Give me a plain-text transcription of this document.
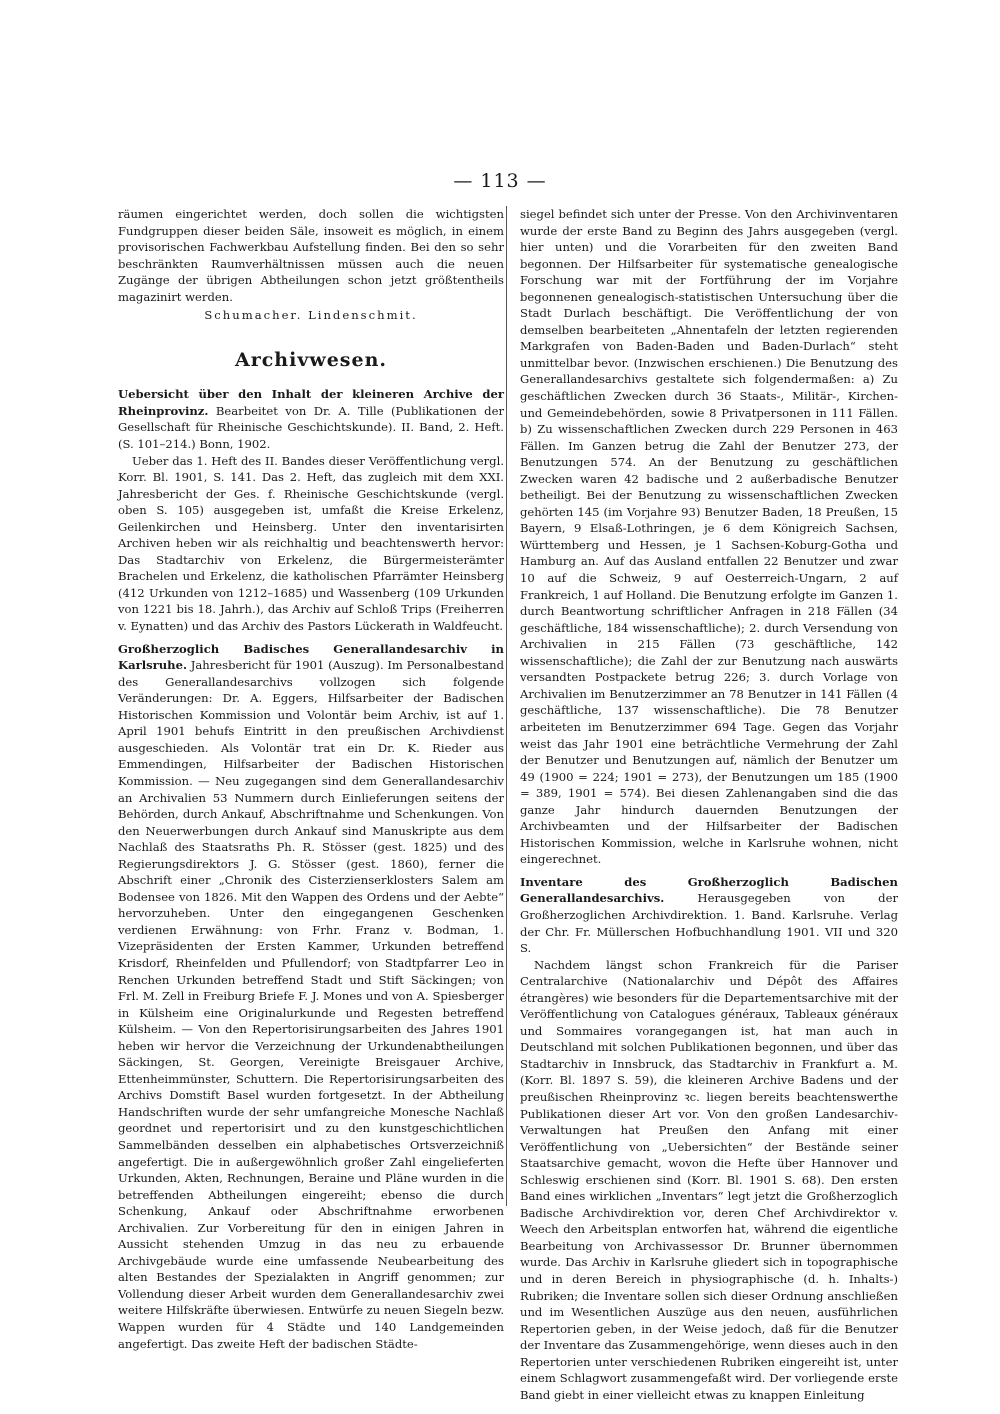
— 113 —

räumen eingerichtet werden, doch sollen die wichtigsten Fundgruppen dieser beiden Säle, insoweit es möglich, in einem provisorischen Fachwerkbau Aufstellung finden. Bei den so sehr beschränkten Raumverhältnissen müssen auch die neuen Zugänge der übrigen Abtheilungen schon jetzt größtentheils magazinirt werden.

Schumacher. Lindenschmit.

Archivwesen.

Uebersicht über den Inhalt der kleineren Archive der Rheinprovinz. Bearbeitet von Dr. A. Tille (Publikationen der Gesellschaft für Rheinische Geschichtskunde). II. Band, 2. Heft. (S. 101–214.) Bonn, 1902.

Ueber das 1. Heft des II. Bandes dieser Veröffentlichung vergl. Korr. Bl. 1901, S. 141. Das 2. Heft, das zugleich mit dem XXI. Jahresbericht der Ges. f. Rheinische Geschichtskunde (vergl. oben S. 105) ausgegeben ist, umfaßt die Kreise Erkelenz, Geilenkirchen und Heinsberg. Unter den inventarisirten Archiven heben wir als reichhaltig und beachtenswerth hervor: Das Stadtarchiv von Erkelenz, die Bürgermeisterämter Brachelen und Erkelenz, die katholischen Pfarrämter Heinsberg (412 Urkunden von 1212–1685) und Wassenberg (109 Urkunden von 1221 bis 18. Jahrh.), das Archiv auf Schloß Trips (Freiherren v. Eynatten) und das Archiv des Pastors Lückerath in Waldfeucht.

Großherzoglich Badisches Generallandesarchiv in Karlsruhe. Jahresbericht für 1901 (Auszug). Im Personalbestand des Generallandesarchivs vollzogen sich folgende Veränderungen: Dr. A. Eggers, Hilfsarbeiter der Badischen Historischen Kommission und Volontär beim Archiv, ist auf 1. April 1901 behufs Eintritt in den preußischen Archivdienst ausgeschieden. Als Volontär trat ein Dr. K. Rieder aus Emmendingen, Hilfsarbeiter der Badischen Historischen Kommission. — Neu zugegangen sind dem Generallandesarchiv an Archivalien 53 Nummern durch Einlieferungen seitens der Behörden, durch Ankauf, Abschriftnahme und Schenkungen. Von den Neuerwerbungen durch Ankauf sind Manuskripte aus dem Nachlaß des Staatsraths Ph. R. Stösser (gest. 1825) und des Regierungsdirektors J. G. Stösser (gest. 1860), ferner die Abschrift einer „Chronik des Cisterzienserklosters Salem am Bodensee von 1826. Mit den Wappen des Ordens und der Aebte“ hervorzuheben. Unter den eingegangenen Geschenken verdienen Erwähnung: von Frhr. Franz v. Bodman, 1. Vizepräsidenten der Ersten Kammer, Urkunden betreffend Krisdorf, Rheinfelden und Pfullendorf; von Stadtpfarrer Leo in Renchen Urkunden betreffend Stadt und Stift Säckingen; von Frl. M. Zell in Freiburg Briefe F. J. Mones und von A. Spiesberger in Külsheim eine Originalurkunde und Regesten betreffend Külsheim. — Von den Repertorisirungsarbeiten des Jahres 1901 heben wir hervor die Verzeichnung der Urkundenabtheilungen Säckingen, St. Georgen, Vereinigte Breisgauer Archive, Ettenheimmünster, Schuttern. Die Repertorisirungsarbeiten des Archivs Domstift Basel wurden fortgesetzt. In der Abtheilung Handschriften wurde der sehr umfangreiche Monesche Nachlaß geordnet und repertorisirt und zu den kunstgeschichtlichen Sammelbänden desselben ein alphabetisches Ortsverzeichniß angefertigt. Die in außergewöhnlich großer Zahl eingelieferten Urkunden, Akten, Rechnungen, Beraine und Pläne wurden in die betreffenden Abtheilungen eingereiht; ebenso die durch Schenkung, Ankauf oder Abschriftnahme erworbenen Archivalien. Zur Vorbereitung für den in einigen Jahren in Aussicht stehenden Umzug in das neu zu erbauende Archivgebäude wurde eine umfassende Neubearbeitung des alten Bestandes der Spezialakten in Angriff genommen; zur Vollendung dieser Arbeit wurden dem Generallandesarchiv zwei weitere Hilfskräfte überwiesen. Entwürfe zu neuen Siegeln bezw. Wappen wurden für 4 Städte und 140 Landgemeinden angefertigt. Das zweite Heft der badischen Städte-

siegel befindet sich unter der Presse. Von den Archivinventaren wurde der erste Band zu Beginn des Jahrs ausgegeben (vergl. hier unten) und die Vorarbeiten für den zweiten Band begonnen. Der Hilfsarbeiter für systematische genealogische Forschung war mit der Fortführung der im Vorjahre begonnenen genealogisch-statistischen Untersuchung über die Stadt Durlach beschäftigt. Die Veröffentlichung der von demselben bearbeiteten „Ahnentafeln der letzten regierenden Markgrafen von Baden-Baden und Baden-Durlach“ steht unmittelbar bevor. (Inzwischen erschienen.) Die Benutzung des Generallandesarchivs gestaltete sich folgendermaßen: a) Zu geschäftlichen Zwecken durch 36 Staats-, Militär-, Kirchen- und Gemeindebehörden, sowie 8 Privatpersonen in 111 Fällen. b) Zu wissenschaftlichen Zwecken durch 229 Personen in 463 Fällen. Im Ganzen betrug die Zahl der Benutzer 273, der Benutzungen 574. An der Benutzung zu geschäftlichen Zwecken waren 42 badische und 2 außerbadische Benutzer betheiligt. Bei der Benutzung zu wissenschaftlichen Zwecken gehörten 145 (im Vorjahre 93) Benutzer Baden, 18 Preußen, 15 Bayern, 9 Elsaß-Lothringen, je 6 dem Königreich Sachsen, Württemberg und Hessen, je 1 Sachsen-Koburg-Gotha und Hamburg an. Auf das Ausland entfallen 22 Benutzer und zwar 10 auf die Schweiz, 9 auf Oesterreich-Ungarn, 2 auf Frankreich, 1 auf Holland. Die Benutzung erfolgte im Ganzen 1. durch Beantwortung schriftlicher Anfragen in 218 Fällen (34 geschäftliche, 184 wissenschaftliche); 2. durch Versendung von Archivalien in 215 Fällen (73 geschäftliche, 142 wissenschaftliche); die Zahl der zur Benutzung nach auswärts versandten Postpackete betrug 226; 3. durch Vorlage von Archivalien im Benutzerzimmer an 78 Benutzer in 141 Fällen (4 geschäftliche, 137 wissenschaftliche). Die 78 Benutzer arbeiteten im Benutzerzimmer 694 Tage. Gegen das Vorjahr weist das Jahr 1901 eine beträchtliche Vermehrung der Zahl der Benutzer und Benutzungen auf, nämlich der Benutzer um 49 (1900 = 224; 1901 = 273), der Benutzungen um 185 (1900 = 389, 1901 = 574). Bei diesen Zahlenangaben sind die das ganze Jahr hindurch dauernden Benutzungen der Archivbeamten und der Hilfsarbeiter der Badischen Historischen Kommission, welche in Karlsruhe wohnen, nicht eingerechnet.

Inventare des Großherzoglich Badischen Generallandesarchivs. Herausgegeben von der Großherzoglichen Archivdirektion. 1. Band. Karlsruhe. Verlag der Chr. Fr. Müllerschen Hofbuchhandlung 1901. VII und 320 S.

Nachdem längst schon Frankreich für die Pariser Centralarchive (Nationalarchiv und Dépôt des Affaires étrangères) wie besonders für die Departementsarchive mit der Veröffentlichung von Catalogues généraux, Tableaux généraux und Sommaires vorangegangen ist, hat man auch in Deutschland mit solchen Publikationen begonnen, und über das Stadtarchiv in Innsbruck, das Stadtarchiv in Frankfurt a. M. (Korr. Bl. 1897 S. 59), die kleineren Archive Badens und der preußischen Rheinprovinz ꝛc. liegen bereits beachtenswerthe Publikationen dieser Art vor. Von den großen Landesarchiv-Verwaltungen hat Preußen den Anfang mit einer Veröffentlichung von „Uebersichten“ der Bestände seiner Staatsarchive gemacht, wovon die Hefte über Hannover und Schleswig erschienen sind (Korr. Bl. 1901 S. 68). Den ersten Band eines wirklichen „Inventars“ legt jetzt die Großherzoglich Badische Archivdirektion vor, deren Chef Archivdirektor v. Weech den Arbeitsplan entworfen hat, während die eigentliche Bearbeitung von Archivassessor Dr. Brunner übernommen wurde. Das Archiv in Karlsruhe gliedert sich in topographische und in deren Bereich in physiographische (d. h. Inhalts-) Rubriken; die Inventare sollen sich dieser Ordnung anschließen und im Wesentlichen Auszüge aus den neuen, ausführlichen Repertorien geben, in der Weise jedoch, daß für die Benutzer der Inventare das Zusammengehörige, wenn dieses auch in den Repertorien unter verschiedenen Rubriken eingereiht ist, unter einem Schlagwort zusammengefaßt wird. Der vorliegende erste Band giebt in einer vielleicht etwas zu knappen Einleitung
